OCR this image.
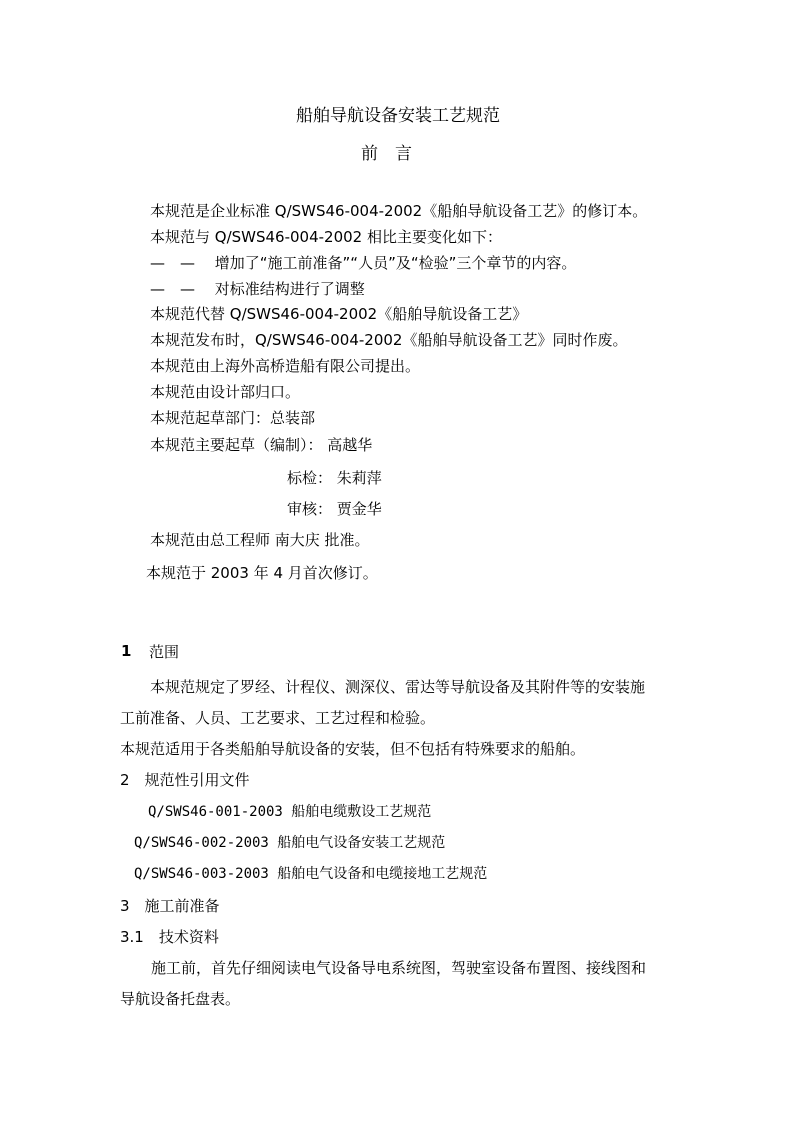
船舶导航设备安装工艺规范
前　言
本规范是企业标准 Q/SWS46-004-2002《船舶导航设备工艺》的修订本。
本规范与 Q/SWS46-004-2002 相比主要变化如下：
—　—　 增加了“施工前准备”“人员”及“检验”三个章节的内容。
—　—　 对标准结构进行了调整
本规范代替 Q/SWS46-004-2002《船舶导航设备工艺》
本规范发布时，Q/SWS46-004-2002《船舶导航设备工艺》同时作废。
本规范由上海外高桥造船有限公司提出。
本规范由设计部归口。
本规范起草部门：总装部
本规范主要起草（编制）： 高越华
标检： 朱莉萍
审核： 贾金华
本规范由总工程师 南大庆 批准。
本规范于 2003 年 4 月首次修订。
1 范围
本规范规定了罗经、计程仪、测深仪、雷达等导航设备及其附件等的安装施
工前准备、人员、工艺要求、工艺过程和检验。
本规范适用于各类船舶导航设备的安装，但不包括有特殊要求的船舶。
2　规范性引用文件
Q/SWS46-001-2003 船舶电缆敷设工艺规范
Q/SWS46-002-2003 船舶电气设备安装工艺规范
Q/SWS46-003-2003 船舶电气设备和电缆接地工艺规范
3　施工前准备
3.1　技术资料
施工前，首先仔细阅读电气设备导电系统图，驾驶室设备布置图、接线图和
导航设备托盘表。
